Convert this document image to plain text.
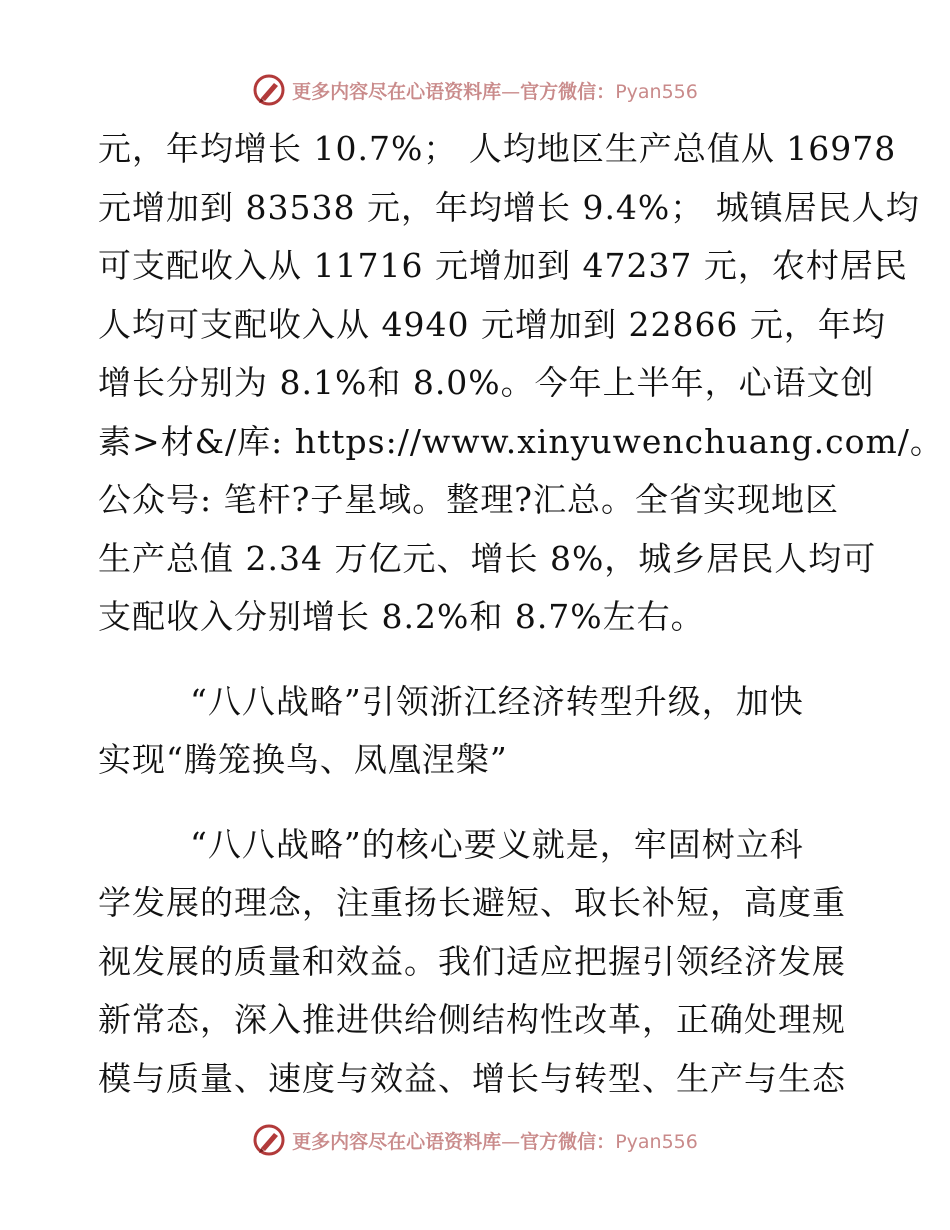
更多内容尽在心语资料库—官方微信：Pyan556
元，年均增长 10.7%； 人均地区生产总值从 16978
元增加到 83538 元，年均增长 9.4%； 城镇居民人均
可支配收入从 11716 元增加到 47237 元，农村居民
人均可支配收入从 4940 元增加到 22866 元，年均
增长分别为 8.1%和 8.0%。今年上半年，心语文创
素>材&/库: https://www.xinyuwenchuang.com/。
公众号: 笔杆?子星域。整理?汇总。全省实现地区
生产总值 2.34 万亿元、增长 8%，城乡居民人均可
支配收入分别增长 8.2%和 8.7%左右。
“八八战略”引领浙江经济转型升级，加快
实现“腾笼换鸟、凤凰涅槃”
“八八战略”的核心要义就是，牢固树立科
学发展的理念，注重扬长避短、取长补短，高度重
视发展的质量和效益。我们适应把握引领经济发展
新常态，深入推进供给侧结构性改革，正确处理规
模与质量、速度与效益、增长与转型、生产与生态
更多内容尽在心语资料库—官方微信：Pyan556
